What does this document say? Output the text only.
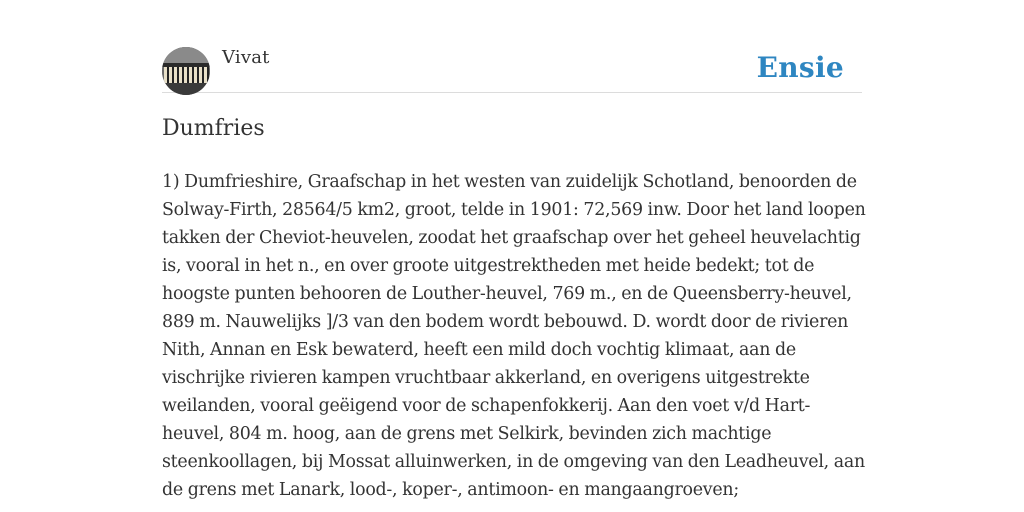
Vivat	Ensie
Dumfries

1) Dumfrieshire, Graafschap in het westen van zuidelijk Schotland, benoorden de Solway-Firth, 28564/5 km2, groot, telde in 1901: 72,569 inw. Door het land loopen takken der Cheviot-heuvelen, zoodat het graafschap over het geheel heuvelachtig is, vooral in het n., en over groote uitgestrektheden met heide bedekt; tot de hoogste punten behooren de Louther-heuvel, 769 m., en de Queensberry-heuvel, 889 m. Nauwelijks ]/3 van den bodem wordt bebouwd. D. wordt door de rivieren Nith, Annan en Esk bewaterd, heeft een mild doch vochtig klimaat, aan de vischrijke rivieren kampen vruchtbaar akkerland, en overigens uitgestrekte weilanden, vooral geëigend voor de schapenfokkerij. Aan den voet v/d Hart-heuvel, 804 m. hoog, aan de grens met Selkirk, bevinden zich machtige steenkoollagen, bij Mossat alluinwerken, in de omgeving van den Leadheuvel, aan de grens met Lanark, lood-, koper-, antimoon- en mangaangroeven;
